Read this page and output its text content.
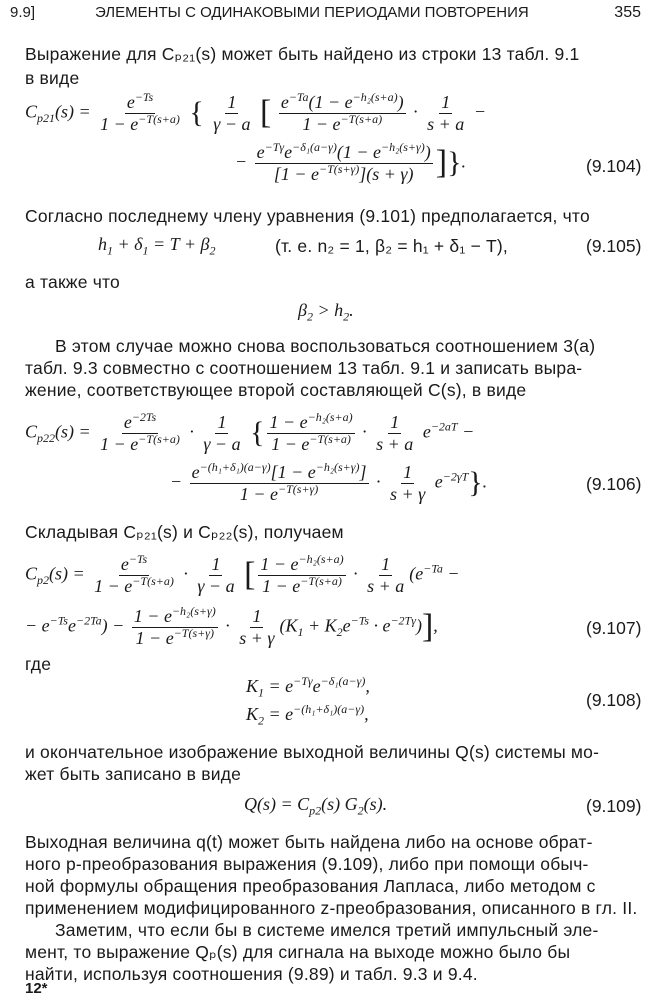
9.9]	ЭЛЕМЕНТЫ С ОДИНАКОВЫМИ ПЕРИОДАМИ ПОВТОРЕНИЯ	355
Выражение для Cₚ₂₁(s) может быть найдено из строки 13 табл. 9.1
в виде
$C_{p21}(s) = \frac{e^{-Ts}}{1 - e^{-T(s+a)}}$ { $\frac{1}{\gamma - a}$ [ $\frac{e^{-Ta}(1 - e^{-h_2(s+a)})}{1 - e^{-T(s+a)}} \cdot \frac{1}{s + a}$ −
− $\frac{e^{-T\gamma}e^{-\delta_1(a-\gamma)}(1 - e^{-h_2(s+\gamma)})}{[1 - e^{-T(s+\gamma)}](s + \gamma)}$ ]}.	(9.104)
Согласно последнему члену уравнения (9.101) предполагается, что
$h_1 + \delta_1 = T + \beta_2$	(т. е. n₂ = 1, β₂ = h₁ + δ₁ − T),	(9.105)
а также что
$\beta_2 > h_2$.
В этом случае можно снова воспользоваться соотношением 3(а)
табл. 9.3 совместно с соотношением 13 табл. 9.1 и записать выра-
жение, соответствующее второй составляющей C(s), в виде
$C_{p22}(s) = \frac{e^{-2Ts}}{1 - e^{-T(s+a)}} \cdot \frac{1}{\gamma - a}$ { $\frac{1 - e^{-h_2(s+a)}}{1 - e^{-T(s+a)}} \cdot \frac{1}{s + a} e^{-2aT}$ −
− $\frac{e^{-(h_1+\delta_1)(a-\gamma)}[1 - e^{-h_2(s+\gamma)}]}{1 - e^{-T(s+\gamma)}} \cdot \frac{1}{s + \gamma} e^{-2\gamma T}$}.	(9.106)
Складывая Cₚ₂₁(s) и Cₚ₂₂(s), получаем
$C_{p2}(s) = \frac{e^{-Ts}}{1 - e^{-T(s+a)}} \cdot \frac{1}{\gamma - a}$ [ $\frac{1 - e^{-h_2(s+a)}}{1 - e^{-T(s+a)}} \cdot \frac{1}{s + a} (e^{-Ta}$ −
− $e^{-Ts}e^{-2Ta}) - \frac{1 - e^{-h_2(s+\gamma)}}{1 - e^{-T(s+\gamma)}} \cdot \frac{1}{s + \gamma} (K_1 + K_2e^{-Ts} \cdot e^{-2T\gamma})$],	(9.107)
где
$K_1 = e^{-T\gamma}e^{-\delta_1(a-\gamma)}$,
$K_2 = e^{-(h_1+\delta_1)(a-\gamma)}$,
(9.108)
и окончательное изображение выходной величины Q(s) системы мо-
жет быть записано в виде
$Q(s) = C_{p2}(s)$ $G_2(s)$.	(9.109)
Выходная величина q(t) может быть найдена либо на основе обрат-
ного p-преобразования выражения (9.109), либо при помощи обыч-
ной формулы обращения преобразования Лапласа, либо методом с
применением модифицированного z-преобразования, описанного в гл. II.
Заметим, что если бы в системе имелся третий импульсный эле-
мент, то выражение Qₚ(s) для сигнала на выходе можно было бы
найти, используя соотношения (9.89) и табл. 9.3 и 9.4.
12*
